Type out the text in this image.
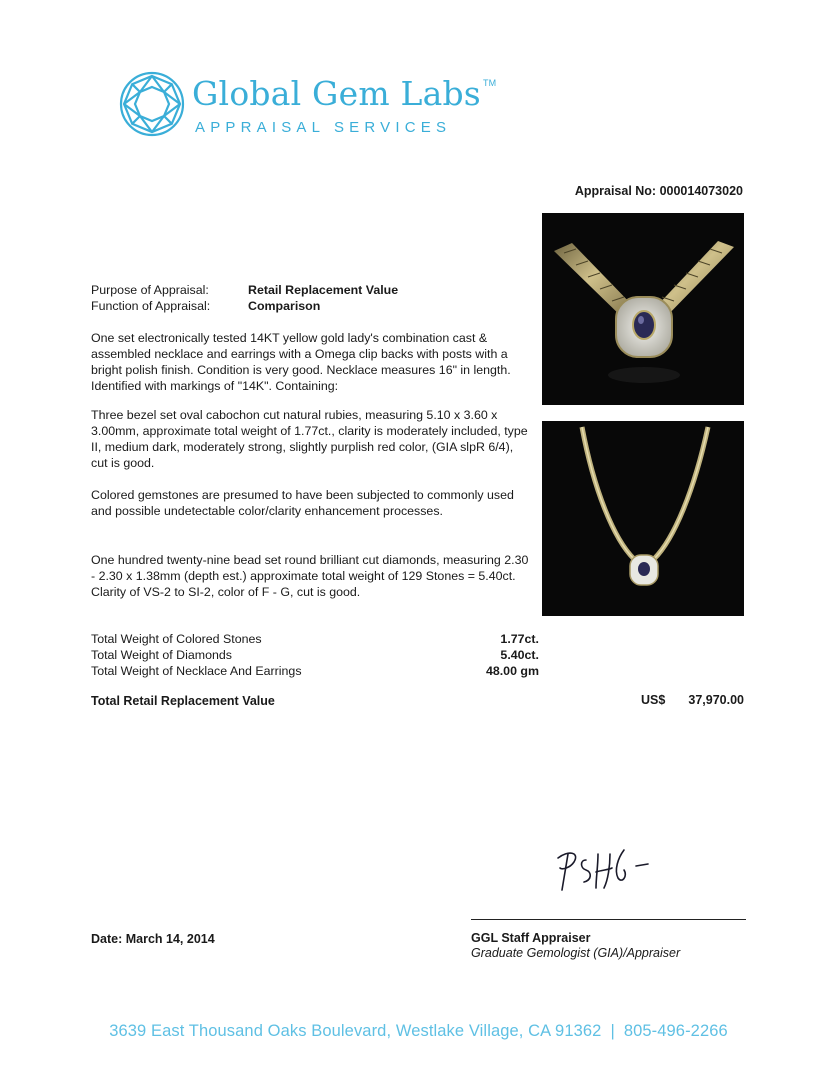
Global Gem Labs ™
APPRAISAL SERVICES
Appraisal No: 000014073020
Purpose of Appraisal:	Retail Replacement Value
Function of Appraisal:	Comparison
One set electronically tested 14KT yellow gold lady's combination cast & assembled necklace and earrings with a Omega clip backs with posts with a bright polish finish. Condition is very good. Necklace measures 16" in length. Identified with markings of "14K". Containing:
Three bezel set oval cabochon cut natural rubies, measuring 5.10 x 3.60 x 3.00mm, approximate total weight of 1.77ct., clarity is moderately included, type II, medium dark, moderately strong, slightly purplish red color, (GIA slpR 6/4), cut is good.
Colored gemstones are presumed to have been subjected to commonly used and possible undetectable color/clarity enhancement processes.
One hundred twenty-nine bead set round brilliant cut diamonds, measuring 2.30 - 2.30 x 1.38mm (depth est.) approximate total weight of 129 Stones = 5.40ct. Clarity of VS-2 to SI-2, color of F - G, cut is good.
Total Weight of Colored Stones	1.77ct.
Total Weight of Diamonds	5.40ct.
Total Weight of Necklace And Earrings	48.00 gm
Total Retail Replacement Value	US$ 37,970.00
GGL Staff Appraiser
Graduate Gemologist (GIA)/Appraiser
Date: March 14, 2014
3639 East Thousand Oaks Boulevard, Westlake Village, CA 91362 | 805-496-2266
